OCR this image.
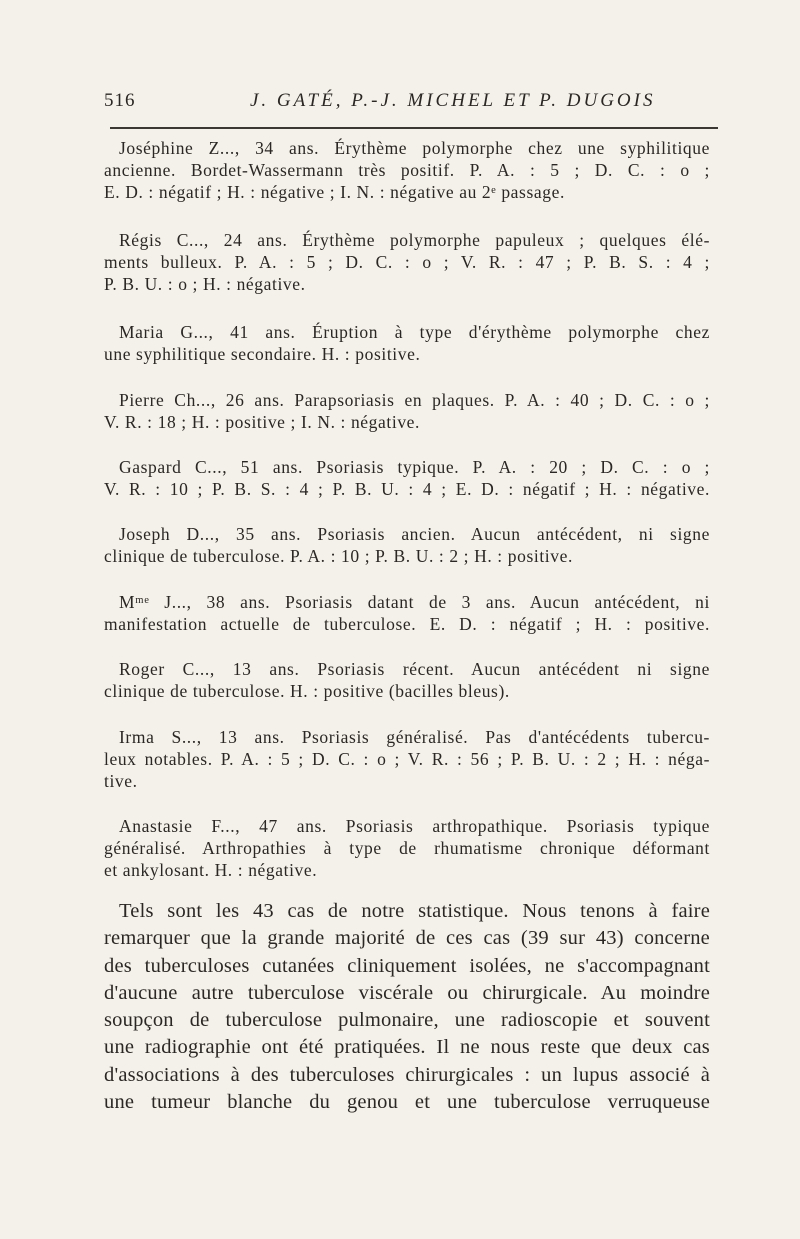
516	J. GATÉ, P.-J. MICHEL ET P. DUGOIS
Joséphine Z..., 34 ans. Érythème polymorphe chez une syphilitique
ancienne. Bordet-Wassermann très positif. P. A. : 5 ; D. C. : o ;
E. D. : négatif ; H. : négative ; I. N. : négative au 2ᵉ passage.
Régis C..., 24 ans. Érythème polymorphe papuleux ; quelques élé-
ments bulleux. P. A. : 5 ; D. C. : o ; V. R. : 47 ; P. B. S. : 4 ;
P. B. U. : o ; H. : négative.
Maria G..., 41 ans. Éruption à type d'érythème polymorphe chez
une syphilitique secondaire. H. : positive.
Pierre Ch..., 26 ans. Parapsoriasis en plaques. P. A. : 40 ; D. C. : o ;
V. R. : 18 ; H. : positive ; I. N. : négative.
Gaspard C..., 51 ans. Psoriasis typique. P. A. : 20 ; D. C. : o ;
V. R. : 10 ; P. B. S. : 4 ; P. B. U. : 4 ; E. D. : négatif ; H. : négative.
Joseph D..., 35 ans. Psoriasis ancien. Aucun antécédent, ni signe
clinique de tuberculose. P. A. : 10 ; P. B. U. : 2 ; H. : positive.
Mᵐᵉ J..., 38 ans. Psoriasis datant de 3 ans. Aucun antécédent, ni
manifestation actuelle de tuberculose. E. D. : négatif ; H. : positive.
Roger C..., 13 ans. Psoriasis récent. Aucun antécédent ni signe
clinique de tuberculose. H. : positive (bacilles bleus).
Irma S..., 13 ans. Psoriasis généralisé. Pas d'antécédents tubercu-
leux notables. P. A. : 5 ; D. C. : o ; V. R. : 56 ; P. B. U. : 2 ; H. : néga-
tive.
Anastasie F..., 47 ans. Psoriasis arthropathique. Psoriasis typique
généralisé. Arthropathies à type de rhumatisme chronique déformant
et ankylosant. H. : négative.
Tels sont les 43 cas de notre statistique. Nous tenons à faire
remarquer que la grande majorité de ces cas (39 sur 43) concerne
des tuberculoses cutanées cliniquement isolées, ne s'accompagnant
d'aucune autre tuberculose viscérale ou chirurgicale. Au moindre
soupçon de tuberculose pulmonaire, une radioscopie et souvent
une radiographie ont été pratiquées. Il ne nous reste que deux cas
d'associations à des tuberculoses chirurgicales : un lupus associé à
une tumeur blanche du genou et une tuberculose verruqueuse
